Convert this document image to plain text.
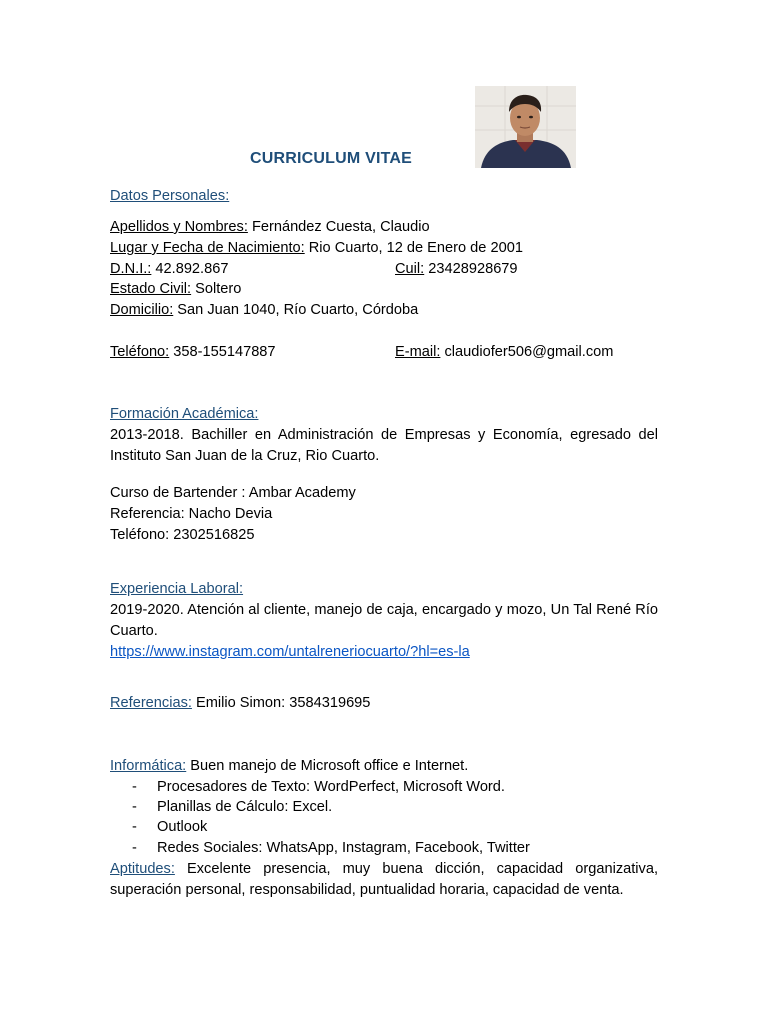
CURRICULUM VITAE
Datos Personales:
Apellidos y Nombres: Fernández Cuesta, Claudio
Lugar y Fecha de Nacimiento: Rio Cuarto, 12 de Enero de 2001
D.N.I.: 42.892.867	Cuil: 23428928679
Estado Civil: Soltero
Domicilio: San Juan 1040, Río Cuarto, Córdoba
Teléfono: 358-155147887	E-mail: claudiofer506@gmail.com
Formación Académica:
2013-2018. Bachiller en Administración de Empresas y Economía, egresado del Instituto San Juan de la Cruz, Rio Cuarto.
Curso de Bartender : Ambar Academy
Referencia: Nacho Devia
Teléfono: 2302516825
Experiencia Laboral:
2019-2020. Atención al cliente, manejo de caja, encargado y mozo, Un Tal René Río Cuarto.
https://www.instagram.com/untalreneriocuarto/?hl=es-la
Referencias: Emilio Simon: 3584319695
Informática: Buen manejo de Microsoft office e Internet.
- Procesadores de Texto: WordPerfect, Microsoft Word.
- Planillas de Cálculo: Excel.
- Outlook
- Redes Sociales: WhatsApp, Instagram, Facebook, Twitter
Aptitudes: Excelente presencia, muy buena dicción, capacidad organizativa, superación personal, responsabilidad, puntualidad horaria, capacidad de venta.
